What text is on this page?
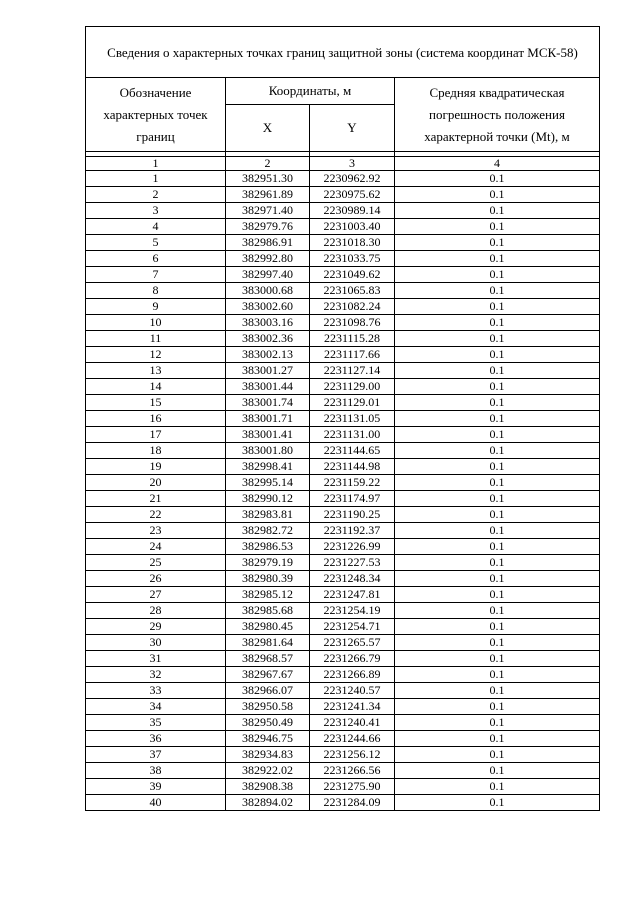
Сведения о характерных точках границ защитной зоны (система координат МСК-58)			
Обозначение характерных точек границ	Координаты, м		Средняя квадратическая погрешность положения характерной точки (Mt), м
	X	Y	

1	2	3	4
1	382951.30	2230962.92	0.1
2	382961.89	2230975.62	0.1
3	382971.40	2230989.14	0.1
4	382979.76	2231003.40	0.1
5	382986.91	2231018.30	0.1
6	382992.80	2231033.75	0.1
7	382997.40	2231049.62	0.1
8	383000.68	2231065.83	0.1
9	383002.60	2231082.24	0.1
10	383003.16	2231098.76	0.1
11	383002.36	2231115.28	0.1
12	383002.13	2231117.66	0.1
13	383001.27	2231127.14	0.1
14	383001.44	2231129.00	0.1
15	383001.74	2231129.01	0.1
16	383001.71	2231131.05	0.1
17	383001.41	2231131.00	0.1
18	383001.80	2231144.65	0.1
19	382998.41	2231144.98	0.1
20	382995.14	2231159.22	0.1
21	382990.12	2231174.97	0.1
22	382983.81	2231190.25	0.1
23	382982.72	2231192.37	0.1
24	382986.53	2231226.99	0.1
25	382979.19	2231227.53	0.1
26	382980.39	2231248.34	0.1
27	382985.12	2231247.81	0.1
28	382985.68	2231254.19	0.1
29	382980.45	2231254.71	0.1
30	382981.64	2231265.57	0.1
31	382968.57	2231266.79	0.1
32	382967.67	2231266.89	0.1
33	382966.07	2231240.57	0.1
34	382950.58	2231241.34	0.1
35	382950.49	2231240.41	0.1
36	382946.75	2231244.66	0.1
37	382934.83	2231256.12	0.1
38	382922.02	2231266.56	0.1
39	382908.38	2231275.90	0.1
40	382894.02	2231284.09	0.1
